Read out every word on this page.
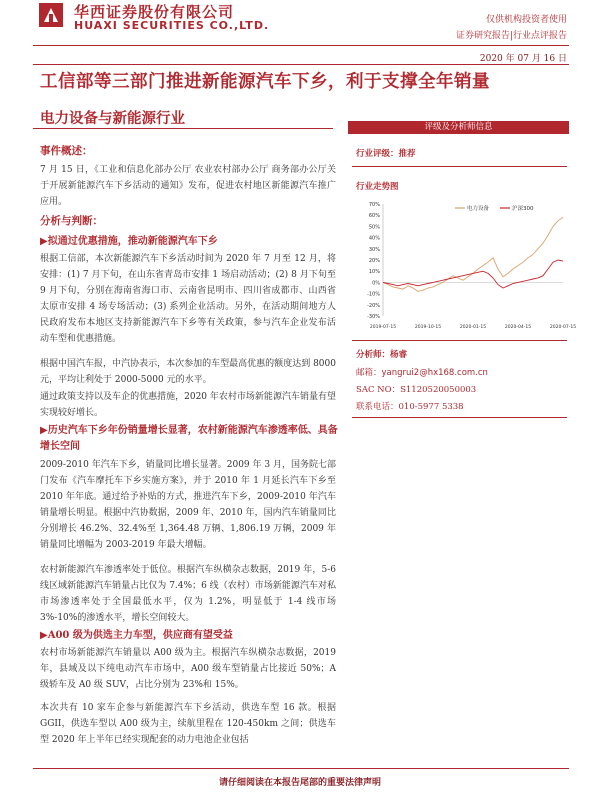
华西证券股份有限公司
HUAXI SECURITIES CO.,LTD.	仅供机构投资者使用
证券研究报告|行业点评报告
2020 年 07 月 16 日
工信部等三部门推进新能源汽车下乡，利于支撑全年销量
电力设备与新能源行业
事件概述：
7 月 15 日，《工业和信息化部办公厅 农业农村部办公厅 商务部办公厅关于开展新能源汽车下乡活动的通知》发布，促进农村地区新能源汽车推广应用。
分析与判断：
▶拟通过优惠措施，推动新能源汽车下乡
根据工信部，本次新能源汽车下乡活动时间为 2020 年 7 月至 12 月，将安排：(1) 7 月下旬，在山东省青岛市安排 1 场启动活动；(2) 8 月下旬至 9 月下旬，分别在海南省海口市、云南省昆明市、四川省成都市、山西省太原市安排 4 场专场活动；(3) 系列企业活动。另外，在活动期间地方人民政府发布本地区支持新能源汽车下乡等有关政策，参与汽车企业发布活动车型和优惠措施。
根据中国汽车报，中汽协表示，本次参加的车型最高优惠的额度达到 8000 元，平均让利处于 2000-5000 元的水平。
通过政策支持以及车企的优惠措施，2020 年农村市场新能源汽车销量有望实现较好增长。
▶历史汽车下乡年份销量增长显著，农村新能源汽车渗透率低、具备增长空间
2009-2010 年汽车下乡，销量同比增长显著。2009 年 3 月，国务院七部门发布《汽车摩托车下乡实施方案》，并于 2010 年 1 月延长汽车下乡至 2010 年年底。通过给予补贴的方式，推进汽车下乡，2009-2010 年汽车销量增长明显。根据中汽协数据，2009 年、2010 年，国内汽车销量同比分别增长 46.2%、32.4%至 1,364.48 万辆、1,806.19 万辆，2009 年销量同比增幅为 2003-2019 年最大增幅。
农村新能源汽车渗透率处于低位。根据汽车纵横杂志数据，2019 年，5-6 线区域新能源汽车销量占比仅为 7.4%；6 线（农村）市场新能源汽车对私市场渗透率处于全国最低水平，仅为 1.2%，明显低于 1-4 线市场 3%-10%的渗透水平，增长空间较大。
▶A00 级为供选主力车型，供应商有望受益
农村市场新能源汽车销量以 A00 级为主。根据汽车纵横杂志数据，2019 年，县域及以下纯电动汽车市场中，A00 级车型销量占比接近 50%；A 级轿车及 A0 级 SUV，占比分别为 23%和 15%。
本次共有 10 家车企参与新能源汽车下乡活动，供选车型 16 款。根据 GGII，供选车型以 A00 级为主，续航里程在 120-450km 之间；供选车型 2020 年上半年已经实现配套的动力电池企业包括
评级及分析师信息
行业评级：推荐
行业走势图
70%
60%
50%
40%
30%
20%
10%
0%
-10%
-20%
-30%
2019-07-15	2019-10-15	2020-01-15	2020-04-15	2020-07-15
电力设备	沪深300
分析师：杨睿
邮箱：yangrui2@hx168.com.cn
SAC NO：S1120520050003
联系电话：010-5977 5338
请仔细阅读在本报告尾部的重要法律声明
